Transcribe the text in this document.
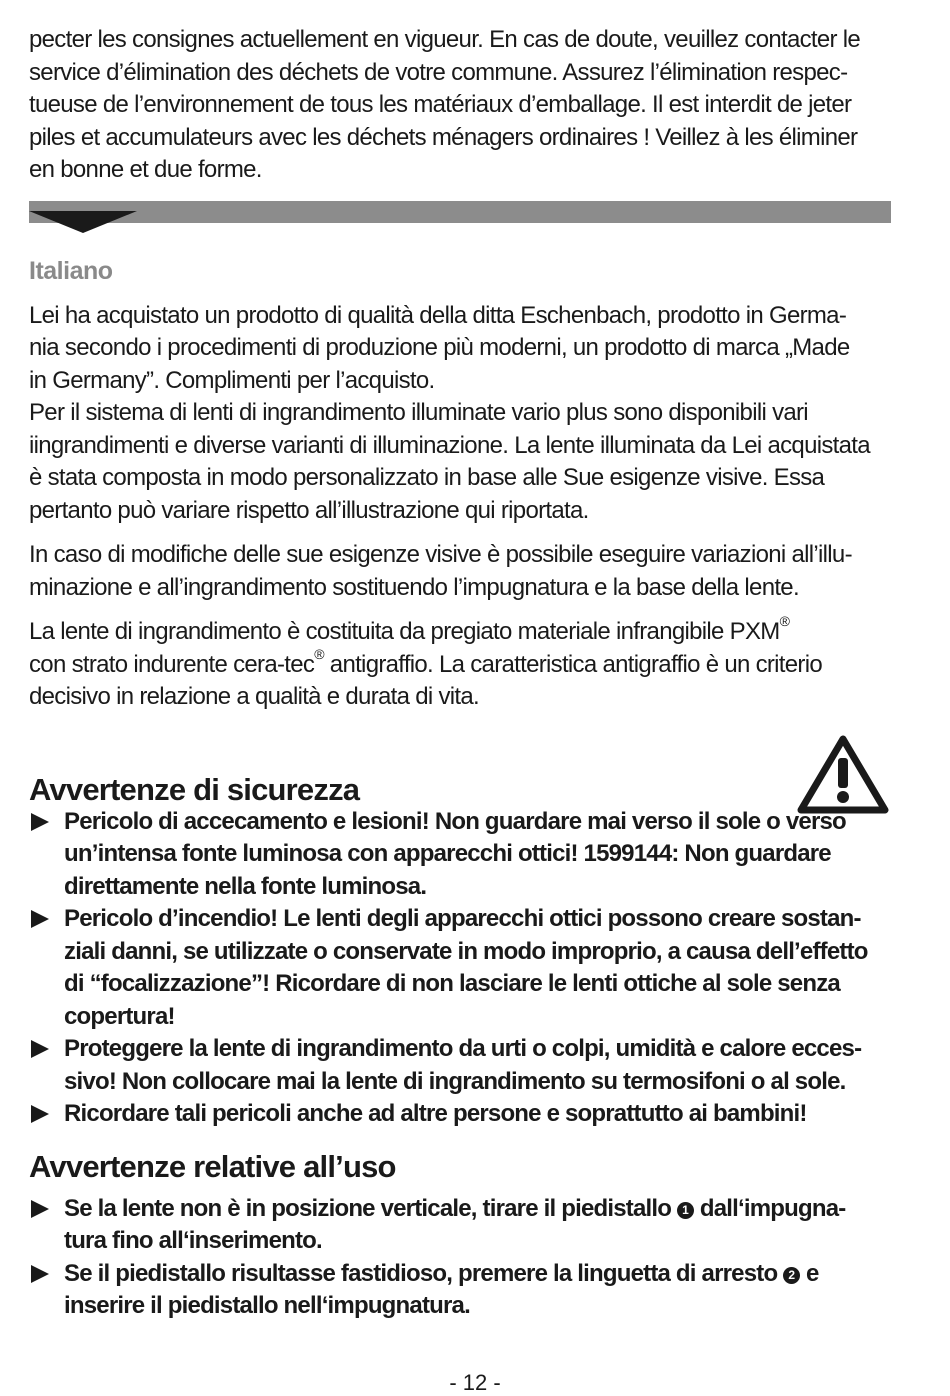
pecter les consignes actuellement en vigueur. En cas de doute, veuillez contacter le
service d’élimination des déchets de votre commune. Assurez l’élimination respec-
tueuse de l’environnement de tous les matériaux d’emballage. Il est interdit de jeter
piles et accumulateurs avec les déchets ménagers ordinaires ! Veillez à les éliminer
en bonne et due forme.

Italiano

Lei ha acquistato un prodotto di qualità della ditta Eschenbach, prodotto in Germa-
nia secondo i procedimenti di produzione più moderni, un prodotto di marca „Made
in Germany”. Complimenti per l’acquisto.

Per il sistema di lenti di ingrandimento illuminate vario plus sono disponibili vari
iingrandimenti e diverse varianti di illuminazione. La lente illuminata da Lei acquistata
è stata composta in modo personalizzato in base alle Sue esigenze visive. Essa
pertanto può variare rispetto all’illustrazione qui riportata.

In caso di modifiche delle sue esigenze visive è possibile eseguire variazioni all’illu-
minazione e all’ingrandimento sostituendo l’impugnatura e la base della lente.

La lente di ingrandimento è costituita da pregiato materiale infrangibile PXM®
con strato indurente cera-tec® antigraffio. La caratteristica antigraffio è un criterio
decisivo in relazione a qualità e durata di vita.

Avvertenze di sicurezza
Pericolo di accecamento e lesioni! Non guardare mai verso il sole o verso
un’intensa fonte luminosa con apparecchi ottici! 1599144: Non guardare
direttamente nella fonte luminosa.
Pericolo d’incendio! Le lenti degli apparecchi ottici possono creare sostan-
ziali danni, se utilizzate o conservate in modo improprio, a causa dell’effetto
di “focalizzazione”! Ricordare di non lasciare le lenti ottiche al sole senza
copertura!
Proteggere la lente di ingrandimento da urti o colpi, umidità e calore ecces-
sivo! Non collocare mai la lente di ingrandimento su termosifoni o al sole.
Ricordare tali pericoli anche ad altre persone e soprattutto ai bambini!
Avvertenze relative all’uso
Se la lente non è in posizione verticale, tirare il piedistallo 1 dall‘impugna-
tura fino all‘inserimento.
Se il piedistallo risultasse fastidioso, premere la linguetta di arresto 2 e
inserire il piedistallo nell‘impugnatura.
- 12 -
